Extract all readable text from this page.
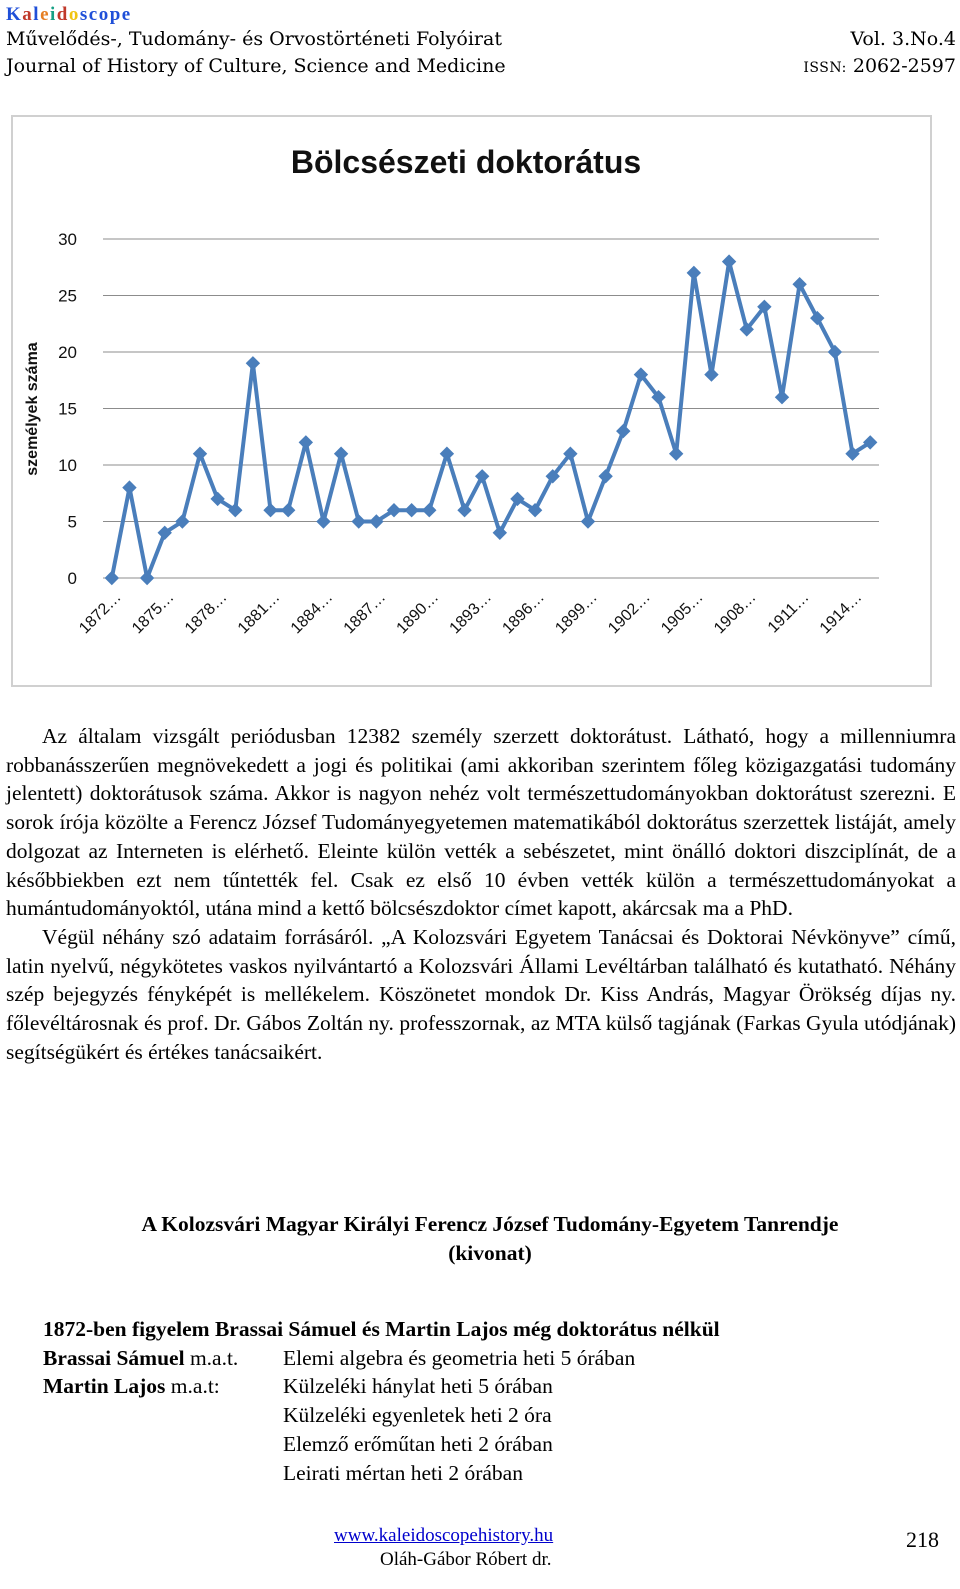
Kaleidoscope
Művelődés-, Tudomány- és Orvostörténeti Folyóirat	Vol. 3.No.4
Journal of History of Culture, Science and Medicine	ISSN: 2062-2597
Bölcsészeti doktorátus
személyek száma
0
5
10
15
20
25
30
1872… 1875… 1878… 1881… 1884… 1887… 1890… 1893… 1896… 1899… 1902… 1905… 1908… 1911… 1914…

Az általam vizsgált periódusban 12382 személy szerzett doktorátust. Látható, hogy a millenniumra robbanásszerűen megnövekedett a jogi és politikai (ami akkoriban szerintem főleg közigazgatási tudomány jelentett) doktorátusok száma. Akkor is nagyon nehéz volt természettudományokban doktorátust szerezni. E sorok írója közölte a Ferencz József Tudományegyetemen matematikából doktorátus szerzettek listáját, amely dolgozat az Interneten is elérhető. Eleinte külön vették a sebészetet, mint önálló doktori diszciplínát, de a későbbiekben ezt nem tűntették fel. Csak ez első 10 évben vették külön a természettudományokat a humántudományoktól, utána mind a kettő bölcsészdoktor címet kapott, akárcsak ma a PhD.

Végül néhány szó adataim forrásáról. „A Kolozsvári Egyetem Tanácsai és Doktorai Névkönyve” című, latin nyelvű, négykötetes vaskos nyilvántartó a Kolozsvári Állami Levéltárban található és kutatható. Néhány szép bejegyzés fényképét is mellékelem. Köszönetet mondok Dr. Kiss András, Magyar Örökség díjas ny. főlevéltárosnak és prof. Dr. Gábos Zoltán ny. professzornak, az MTA külső tagjának (Farkas Gyula utódjának) segítségükért és értékes tanácsaikért.

A Kolozsvári Magyar Királyi Ferencz József Tudomány-Egyetem Tanrendje
(kivonat)
1872-ben figyelem Brassai Sámuel és Martin Lajos még doktorátus nélkül
Brassai Sámuel m.a.t.	Elemi algebra és geometria heti 5 órában
Martin Lajos m.a.t:	Külzeléki hánylat heti 5 órában
Külzeléki egyenletek heti 2 óra
Elemző erőműtan heti 2 órában
Leirati mértan heti 2 órában
www.kaleidoscopehistory.hu
Oláh-Gábor Róbert dr.
218
